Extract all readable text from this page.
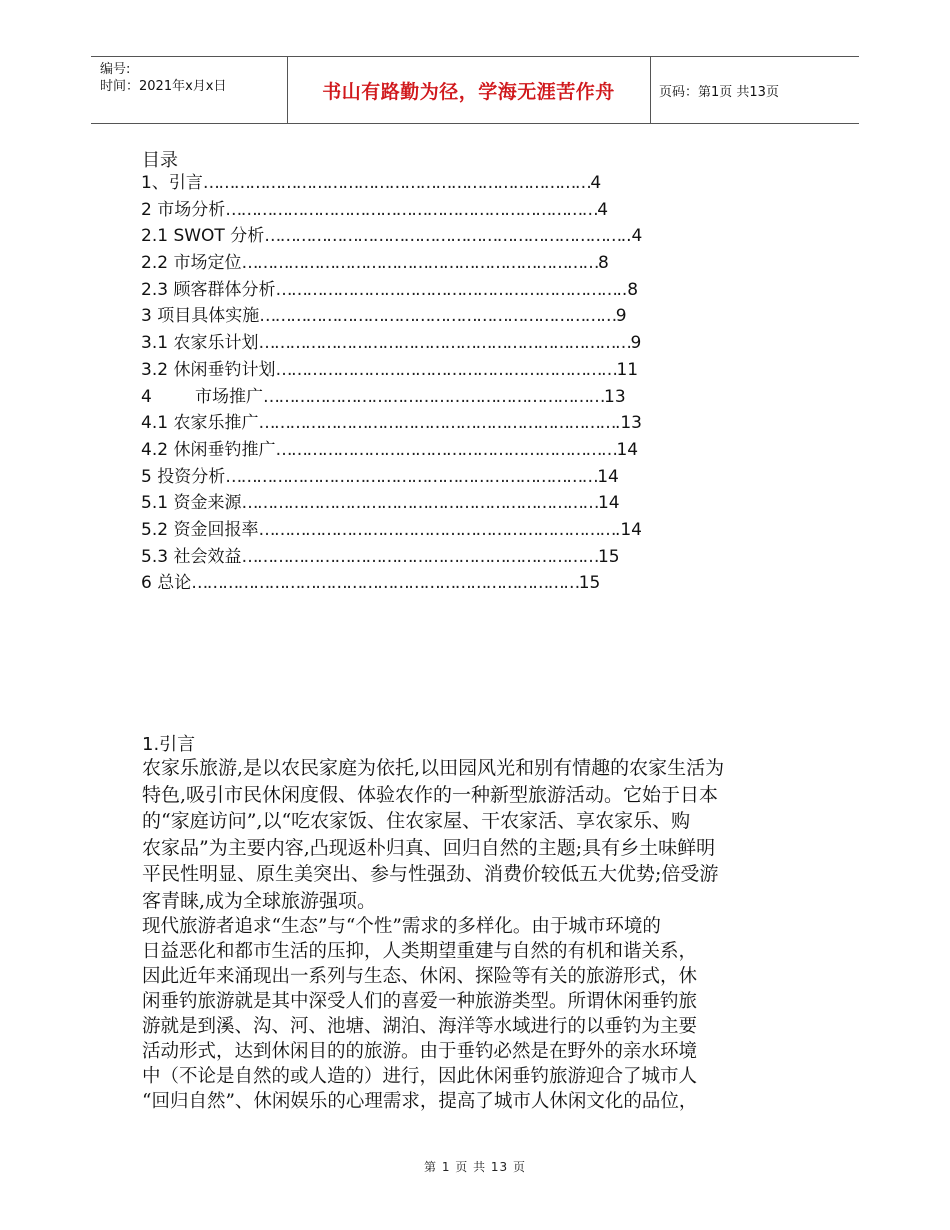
编号:
时间：2021年x月x日	书山有路勤为径，学海无涯苦作舟	页码：第1页 共13页
目录
1、引言…………………………………………………………………4
2 市场分析………………………………………………………………4
2.1 SWOT 分析……………………………………………………………..4
2.2 市场定位……………………………………………………………8
2.3 顾客群体分析…………………………………………………………..8
3 项目具体实施……………………………………………………………9
3.1 农家乐计划………………………………………………………………9
3.2 休闲垂钓计划…………………………………………………………11
4        市场推广…………………………………………………………13
4.1 农家乐推广…………………………………………………………….13
4.2 休闲垂钓推广…………………………………………………………14
5 投资分析………………………………………………………………14
5.1 资金来源……………………………………………………………14
5.2 资金回报率…………………………………………………………….14
5.3 社会效益……………………………………………………………15
6 总论…………………………………………………………………15
1.引言
农家乐旅游,是以农民家庭为依托,以田园风光和别有情趣的农家生活为
特色,吸引市民休闲度假、体验农作的一种新型旅游活动。它始于日本
的“家庭访问”,以“吃农家饭、住农家屋、干农家活、享农家乐、购
农家品”为主要内容,凸现返朴归真、回归自然的主题;具有乡土味鲜明
平民性明显、原生美突出、参与性强劲、消费价较低五大优势;倍受游
客青睐,成为全球旅游强项。
现代旅游者追求“生态”与“个性”需求的多样化。由于城市环境的
日益恶化和都市生活的压抑，人类期望重建与自然的有机和谐关系，
因此近年来涌现出一系列与生态、休闲、探险等有关的旅游形式，休
闲垂钓旅游就是其中深受人们的喜爱一种旅游类型。所谓休闲垂钓旅
游就是到溪、沟、河、池塘、湖泊、海洋等水域进行的以垂钓为主要
活动形式，达到休闲目的的旅游。由于垂钓必然是在野外的亲水环境
中（不论是自然的或人造的）进行，因此休闲垂钓旅游迎合了城市人
“回归自然”、休闲娱乐的心理需求，提高了城市人休闲文化的品位，
第 1 页 共 13 页
